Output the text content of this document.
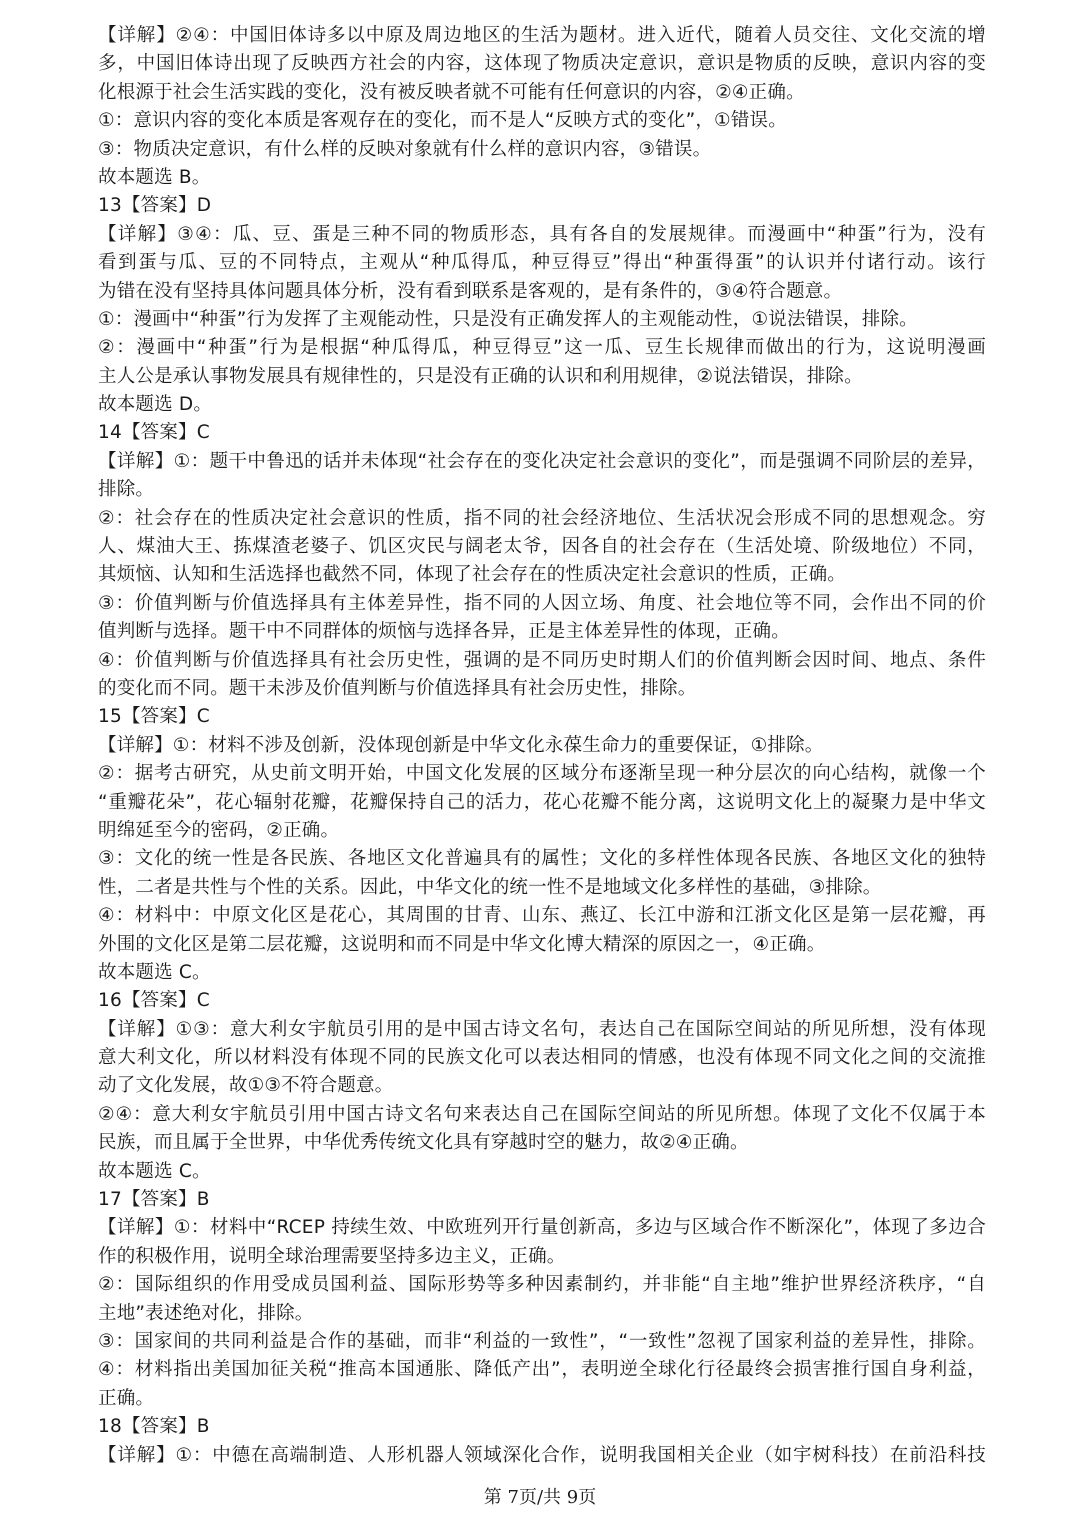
【详解】②④：中国旧体诗多以中原及周边地区的生活为题材。进入近代，随着人员交往、文化交流的增
多，中国旧体诗出现了反映西方社会的内容，这体现了物质决定意识，意识是物质的反映，意识内容的变
化根源于社会生活实践的变化，没有被反映者就不可能有任何意识的内容，②④正确。
①：意识内容的变化本质是客观存在的变化，而不是人“反映方式的变化”，①错误。
③：物质决定意识，有什么样的反映对象就有什么样的意识内容，③错误。
故本题选 B。
13【答案】D
【详解】③④：瓜、豆、蛋是三种不同的物质形态，具有各自的发展规律。而漫画中“种蛋”行为，没有
看到蛋与瓜、豆的不同特点，主观从“种瓜得瓜，种豆得豆”得出“种蛋得蛋”的认识并付诸行动。该行
为错在没有坚持具体问题具体分析，没有看到联系是客观的，是有条件的，③④符合题意。
①：漫画中“种蛋”行为发挥了主观能动性，只是没有正确发挥人的主观能动性，①说法错误，排除。
②：漫画中“种蛋”行为是根据“种瓜得瓜，种豆得豆”这一瓜、豆生长规律而做出的行为，这说明漫画
主人公是承认事物发展具有规律性的，只是没有正确的认识和利用规律，②说法错误，排除。
故本题选 D。
14【答案】C
【详解】①：题干中鲁迅的话并未体现“社会存在的变化决定社会意识的变化”，而是强调不同阶层的差异，
排除。
②：社会存在的性质决定社会意识的性质，指不同的社会经济地位、生活状况会形成不同的思想观念。穷
人、煤油大王、拣煤渣老婆子、饥区灾民与阔老太爷，因各自的社会存在（生活处境、阶级地位）不同，
其烦恼、认知和生活选择也截然不同，体现了社会存在的性质决定社会意识的性质，正确。
③：价值判断与价值选择具有主体差异性，指不同的人因立场、角度、社会地位等不同，会作出不同的价
值判断与选择。题干中不同群体的烦恼与选择各异，正是主体差异性的体现，正确。
④：价值判断与价值选择具有社会历史性，强调的是不同历史时期人们的价值判断会因时间、地点、条件
的变化而不同。题干未涉及价值判断与价值选择具有社会历史性，排除。
15【答案】C
【详解】①：材料不涉及创新，没体现创新是中华文化永葆生命力的重要保证，①排除。
②：据考古研究，从史前文明开始，中国文化发展的区域分布逐渐呈现一种分层次的向心结构，就像一个
“重瓣花朵”，花心辐射花瓣，花瓣保持自己的活力，花心花瓣不能分离，这说明文化上的凝聚力是中华文
明绵延至今的密码，②正确。
③：文化的统一性是各民族、各地区文化普遍具有的属性；文化的多样性体现各民族、各地区文化的独特
性，二者是共性与个性的关系。因此，中华文化的统一性不是地域文化多样性的基础，③排除。
④：材料中：中原文化区是花心，其周围的甘青、山东、燕辽、长江中游和江浙文化区是第一层花瓣，再
外围的文化区是第二层花瓣，这说明和而不同是中华文化博大精深的原因之一，④正确。
故本题选 C。
16【答案】C
【详解】①③：意大利女宇航员引用的是中国古诗文名句，表达自己在国际空间站的所见所想，没有体现
意大利文化，所以材料没有体现不同的民族文化可以表达相同的情感，也没有体现不同文化之间的交流推
动了文化发展，故①③不符合题意。
②④：意大利女宇航员引用中国古诗文名句来表达自己在国际空间站的所见所想。体现了文化不仅属于本
民族，而且属于全世界，中华优秀传统文化具有穿越时空的魅力，故②④正确。
故本题选 C。
17【答案】B
【详解】①：材料中“RCEP 持续生效、中欧班列开行量创新高，多边与区域合作不断深化”，体现了多边合
作的积极作用，说明全球治理需要坚持多边主义，正确。
②：国际组织的作用受成员国利益、国际形势等多种因素制约，并非能“自主地”维护世界经济秩序，“自
主地”表述绝对化，排除。
③：国家间的共同利益是合作的基础，而非“利益的一致性”，“一致性”忽视了国家利益的差异性，排除。
④：材料指出美国加征关税“推高本国通胀、降低产出”，表明逆全球化行径最终会损害推行国自身利益，
正确。
18【答案】B
【详解】①：中德在高端制造、人形机器人领域深化合作，说明我国相关企业（如宇树科技）在前沿科技
第 7页/共 9页
